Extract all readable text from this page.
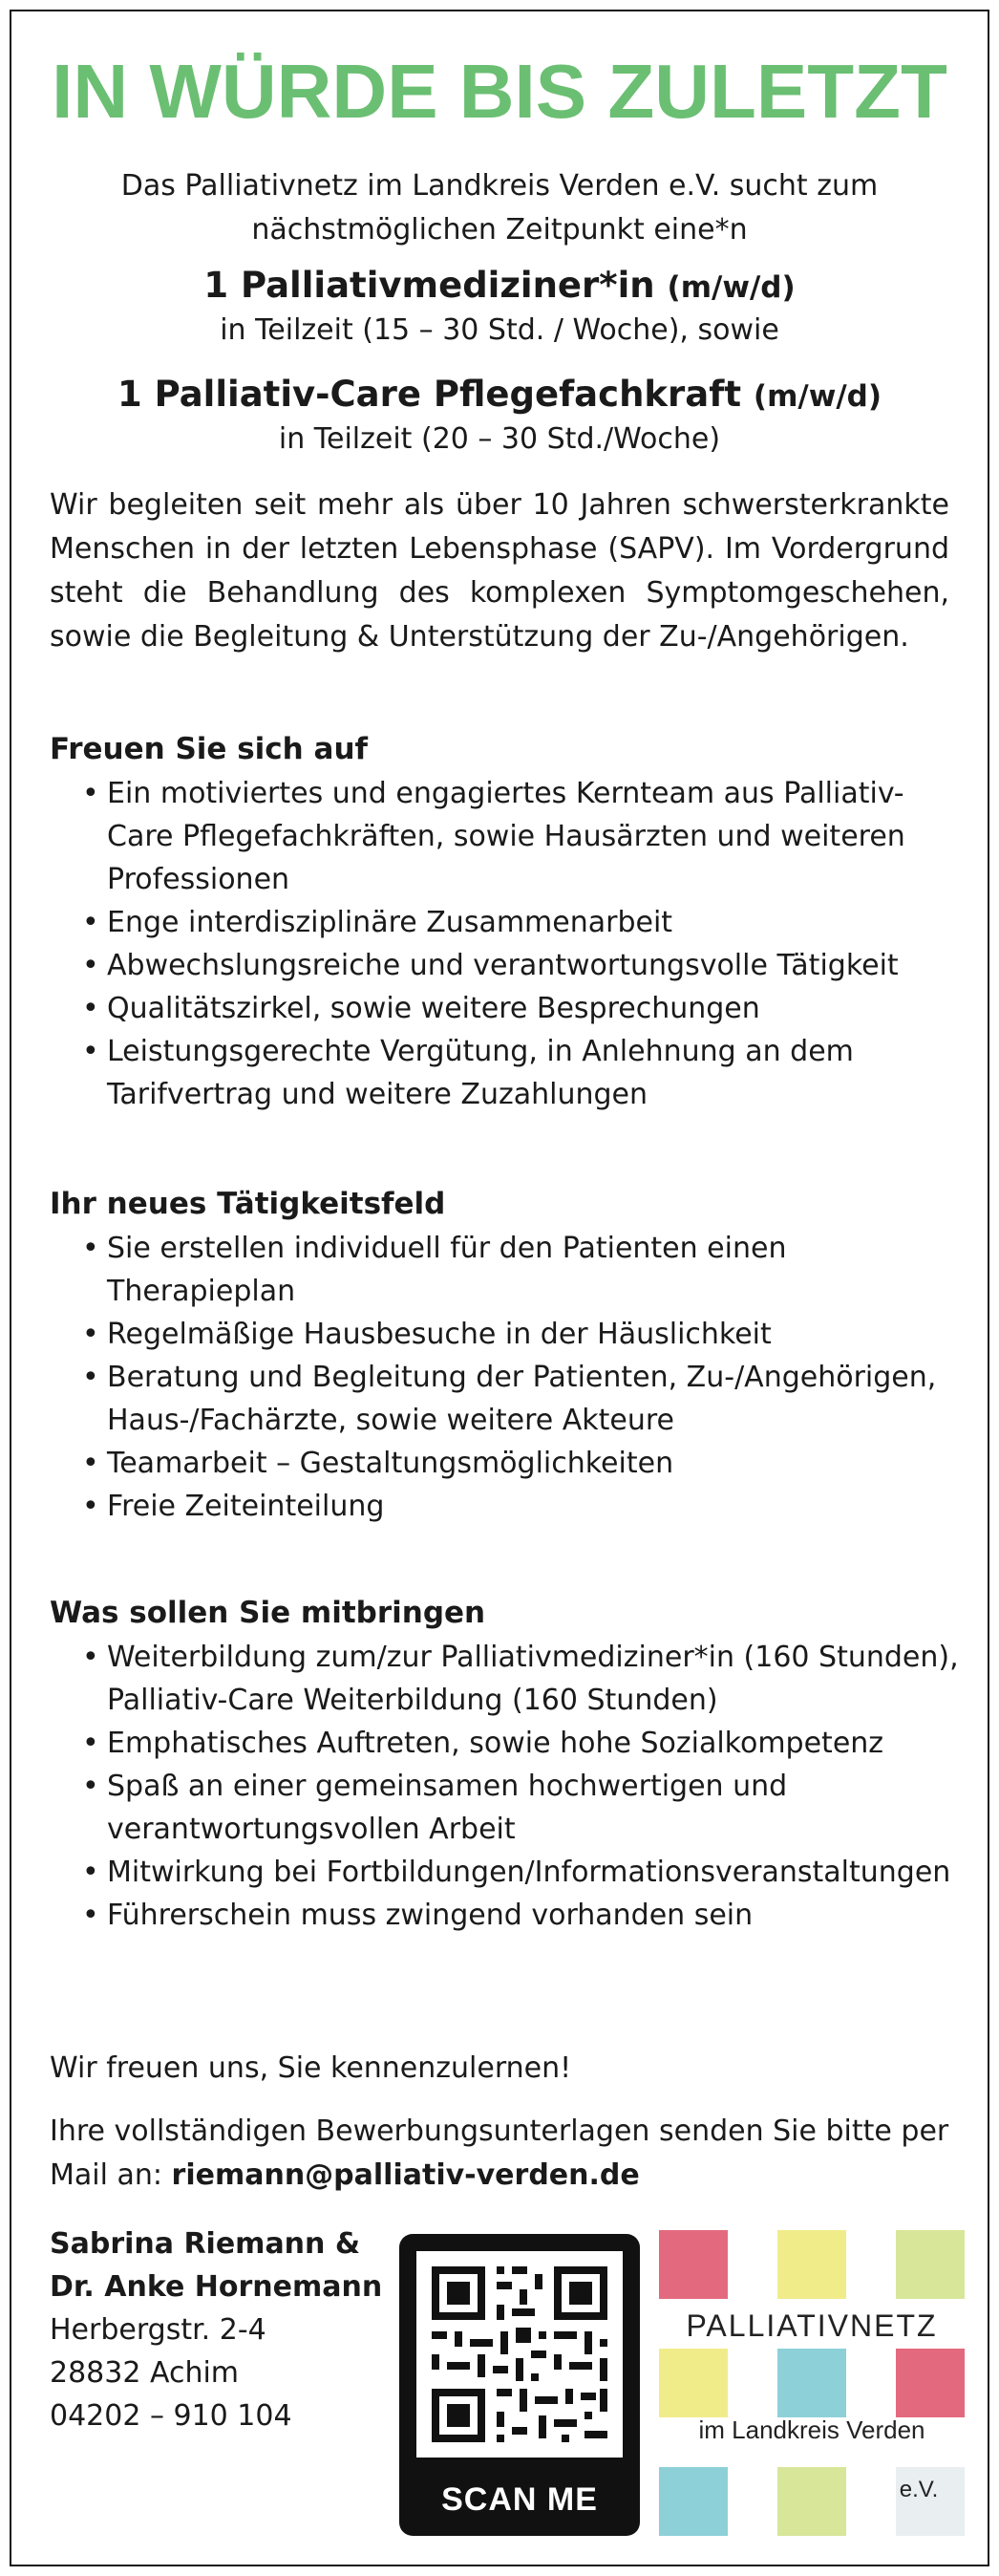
IN WÜRDE BIS ZULETZT
Das Palliativnetz im Landkreis Verden e.V. sucht zum
nächstmöglichen Zeitpunkt eine*n
1 Palliativmediziner*in (m/w/d)
in Teilzeit (15 – 30 Std. / Woche), sowie
1 Palliativ-Care Pflegefachkraft (m/w/d)
in Teilzeit (20 – 30 Std./Woche)
Wir begleiten seit mehr als über 10 Jahren schwersterkrankte Menschen in der letzten Lebensphase (SAPV). Im Vordergrund steht die Behandlung des komplexen Symptomgeschehen, sowie die Begleitung & Unterstützung der Zu-/Angehörigen.
Freuen Sie sich auf
• Ein motiviertes und engagiertes Kernteam aus Palliativ-Care Pflegefachkräften, sowie Hausärzten und weiteren Professionen
• Enge interdisziplinäre Zusammenarbeit
• Abwechslungsreiche und verantwortungsvolle Tätigkeit
• Qualitätszirkel, sowie weitere Besprechungen
• Leistungsgerechte Vergütung, in Anlehnung an dem Tarifvertrag und weitere Zuzahlungen
Ihr neues Tätigkeitsfeld
• Sie erstellen individuell für den Patienten einen Therapieplan
• Regelmäßige Hausbesuche in der Häuslichkeit
• Beratung und Begleitung der Patienten, Zu-/Angehörigen, Haus-/Fachärzte, sowie weitere Akteure
• Teamarbeit – Gestaltungsmöglichkeiten
• Freie Zeiteinteilung
Was sollen Sie mitbringen
• Weiterbildung zum/zur Palliativmediziner*in (160 Stunden), Palliativ-Care Weiterbildung (160 Stunden)
• Emphatisches Auftreten, sowie hohe Sozialkompetenz
• Spaß an einer gemeinsamen hochwertigen und verantwortungsvollen Arbeit
• Mitwirkung bei Fortbildungen/Informationsveranstaltungen
• Führerschein muss zwingend vorhanden sein
Wir freuen uns, Sie kennenzulernen!
Ihre vollständigen Bewerbungsunterlagen senden Sie bitte per Mail an: riemann@palliativ-verden.de
Sabrina Riemann &
Dr. Anke Hornemann
Herbergstr. 2-4
28832 Achim
04202 – 910 104
SCAN ME
PALLIATIVNETZ
im Landkreis Verden
e.V.
